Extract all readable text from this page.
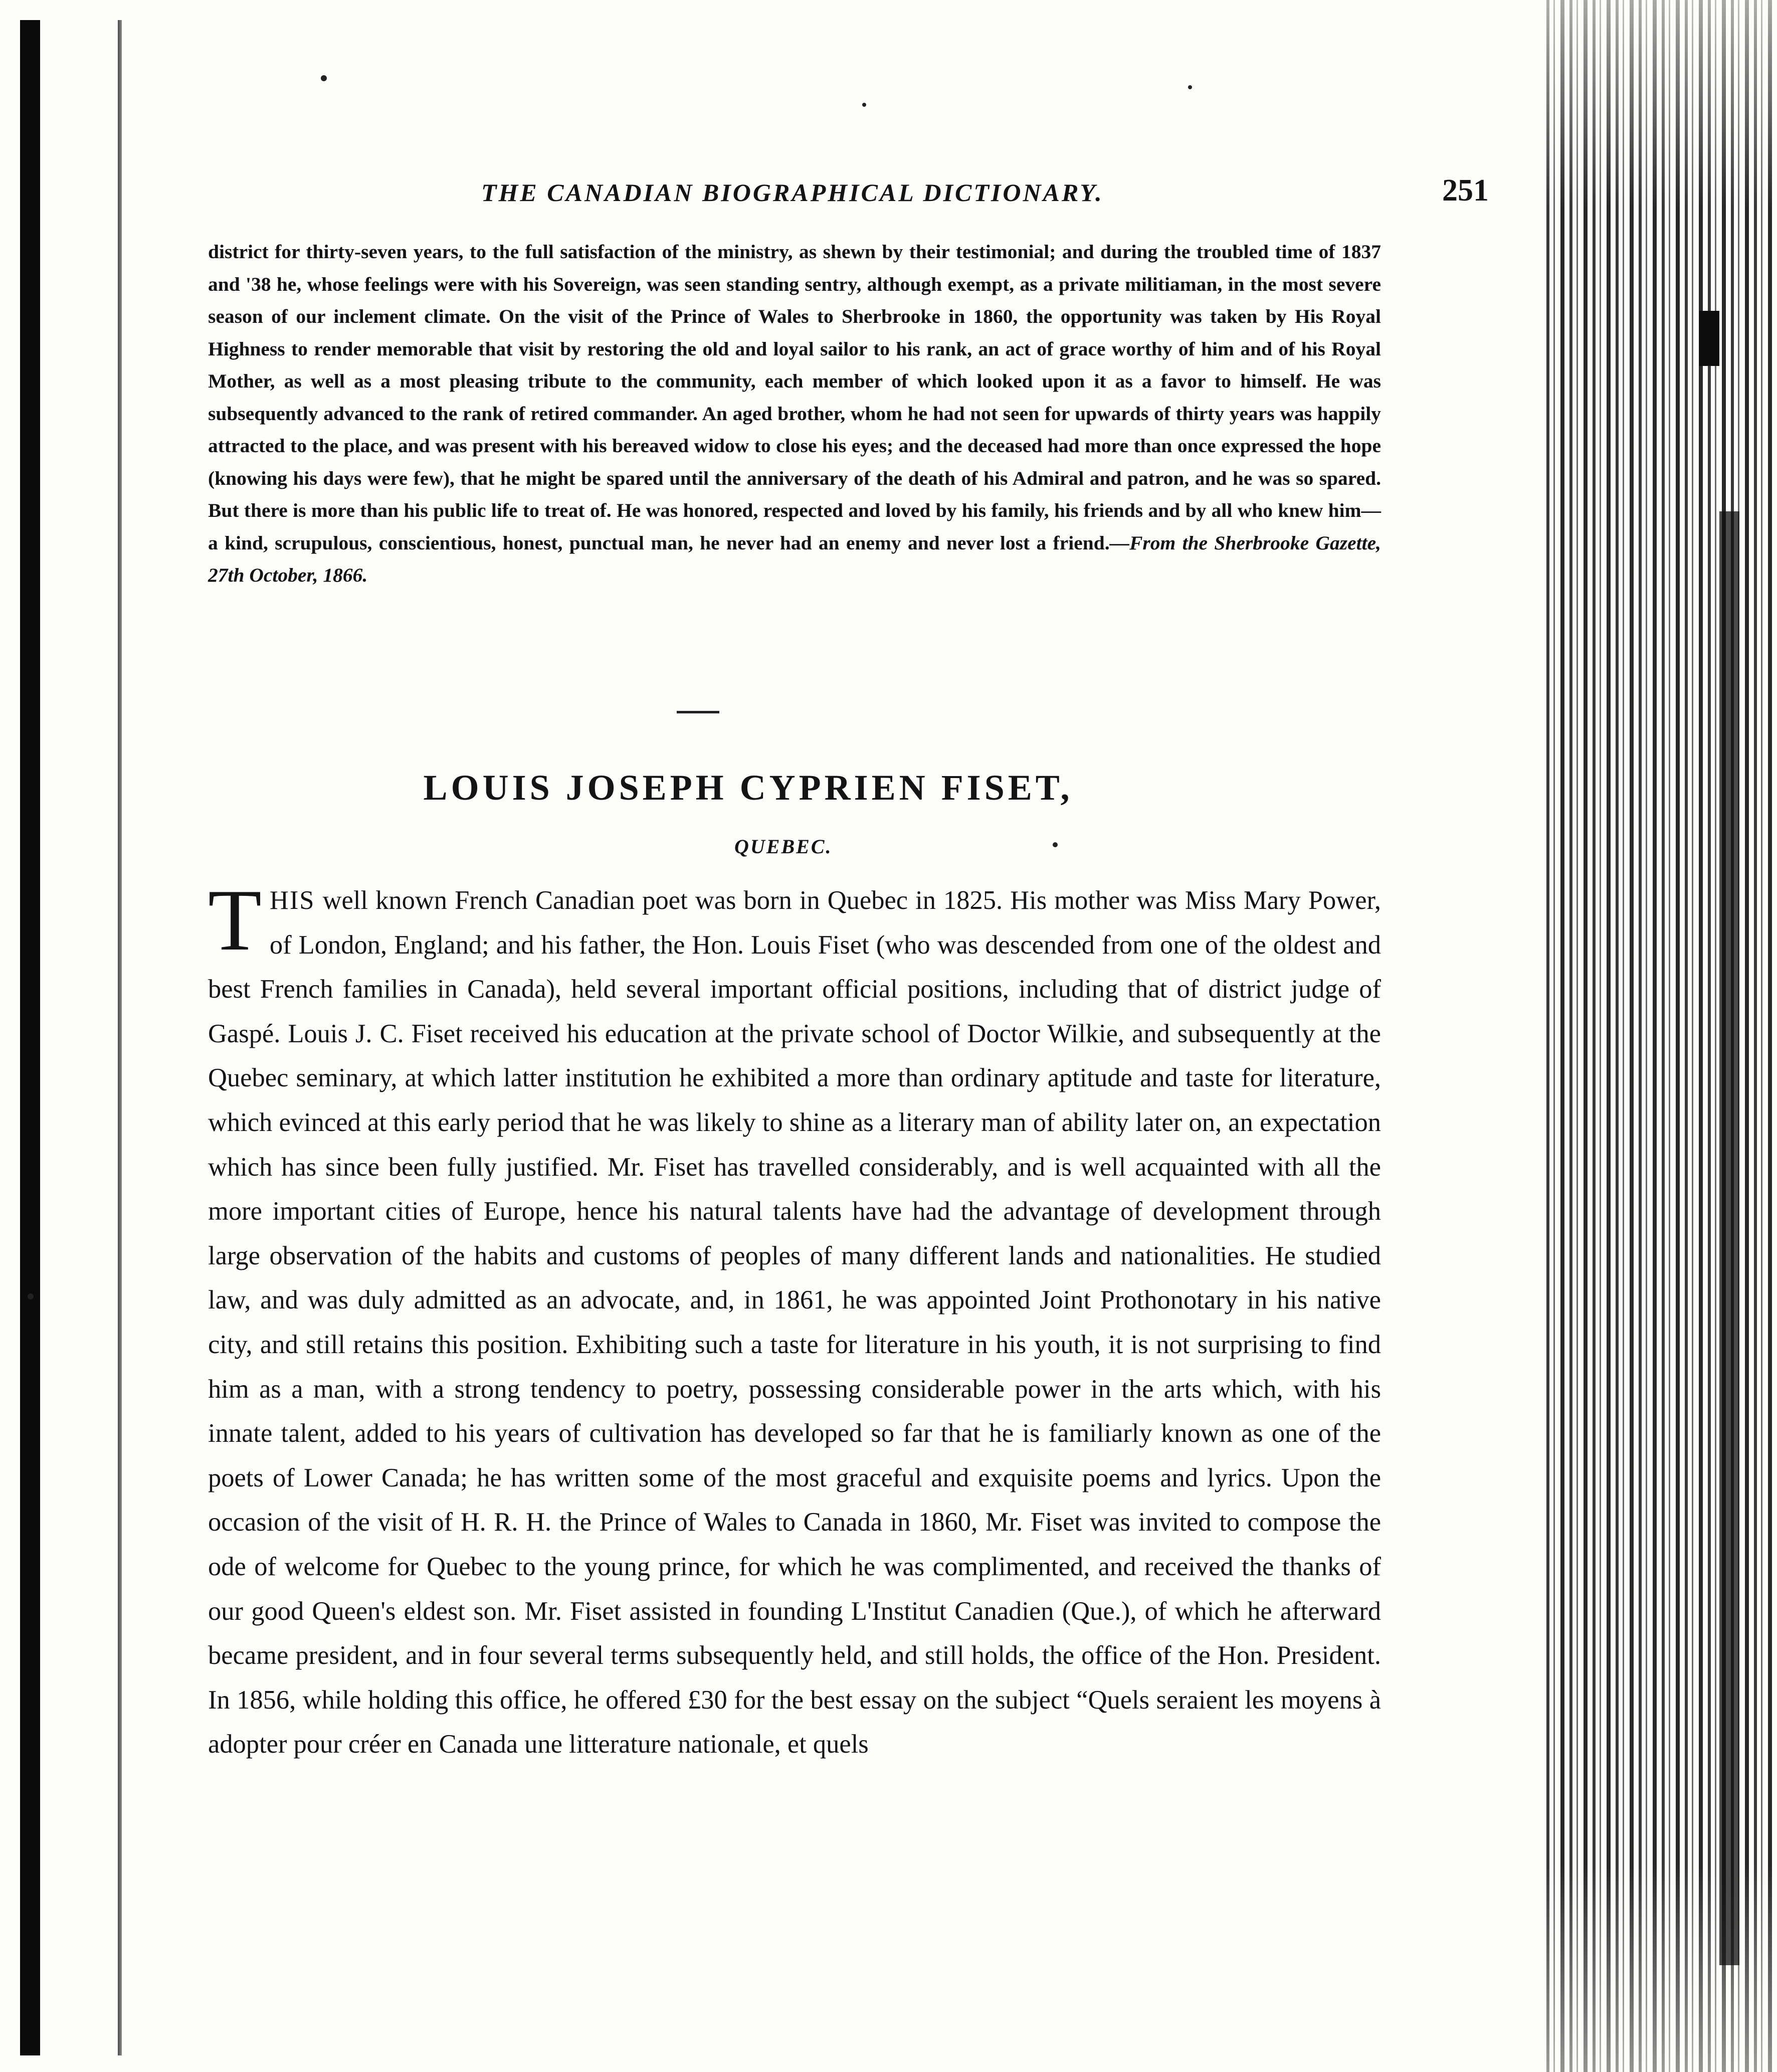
THE CANADIAN BIOGRAPHICAL DICTIONARY.	251

district for thirty-seven years, to the full satisfaction of the ministry, as shewn by their testimonial; and during the troubled time of 1837 and '38 he, whose feelings were with his Sovereign, was seen standing sentry, although exempt, as a private militiaman, in the most severe season of our inclement climate. On the visit of the Prince of Wales to Sherbrooke in 1860, the opportunity was taken by His Royal Highness to render memorable that visit by restoring the old and loyal sailor to his rank, an act of grace worthy of him and of his Royal Mother, as well as a most pleasing tribute to the community, each member of which looked upon it as a favor to himself. He was subsequently advanced to the rank of retired commander. An aged brother, whom he had not seen for upwards of thirty years was happily attracted to the place, and was present with his bereaved widow to close his eyes; and the deceased had more than once expressed the hope (knowing his days were few), that he might be spared until the anniversary of the death of his Admiral and patron, and he was so spared. But there is more than his public life to treat of. He was honored, respected and loved by his family, his friends and by all who knew him—a kind, scrupulous, conscientious, honest, punctual man, he never had an enemy and never lost a friend.—From the Sherbrooke Gazette, 27th October, 1866.

LOUIS JOSEPH CYPRIEN FISET,

QUEBEC.

THIS well known French Canadian poet was born in Quebec in 1825. His mother was Miss Mary Power, of London, England; and his father, the Hon. Louis Fiset (who was descended from one of the oldest and best French families in Canada), held several important official positions, including that of district judge of Gaspé. Louis J. C. Fiset received his education at the private school of Doctor Wilkie, and subsequently at the Quebec seminary, at which latter institution he exhibited a more than ordinary aptitude and taste for literature, which evinced at this early period that he was likely to shine as a literary man of ability later on, an expectation which has since been fully justified. Mr. Fiset has travelled considerably, and is well acquainted with all the more important cities of Europe, hence his natural talents have had the advantage of development through large observation of the habits and customs of peoples of many different lands and nationalities. He studied law, and was duly admitted as an advocate, and, in 1861, he was appointed Joint Prothonotary in his native city, and still retains this position. Exhibiting such a taste for literature in his youth, it is not surprising to find him as a man, with a strong tendency to poetry, possessing considerable power in the arts which, with his innate talent, added to his years of cultivation has developed so far that he is familiarly known as one of the poets of Lower Canada; he has written some of the most graceful and exquisite poems and lyrics. Upon the occasion of the visit of H. R. H. the Prince of Wales to Canada in 1860, Mr. Fiset was invited to compose the ode of welcome for Quebec to the young prince, for which he was complimented, and received the thanks of our good Queen's eldest son. Mr. Fiset assisted in founding L'Institut Canadien (Que.), of which he afterward became president, and in four several terms subsequently held, and still holds, the office of the Hon. President. In 1856, while holding this office, he offered £30 for the best essay on the subject “Quels seraient les moyens à adopter pour créer en Canada une litterature nationale, et quels
